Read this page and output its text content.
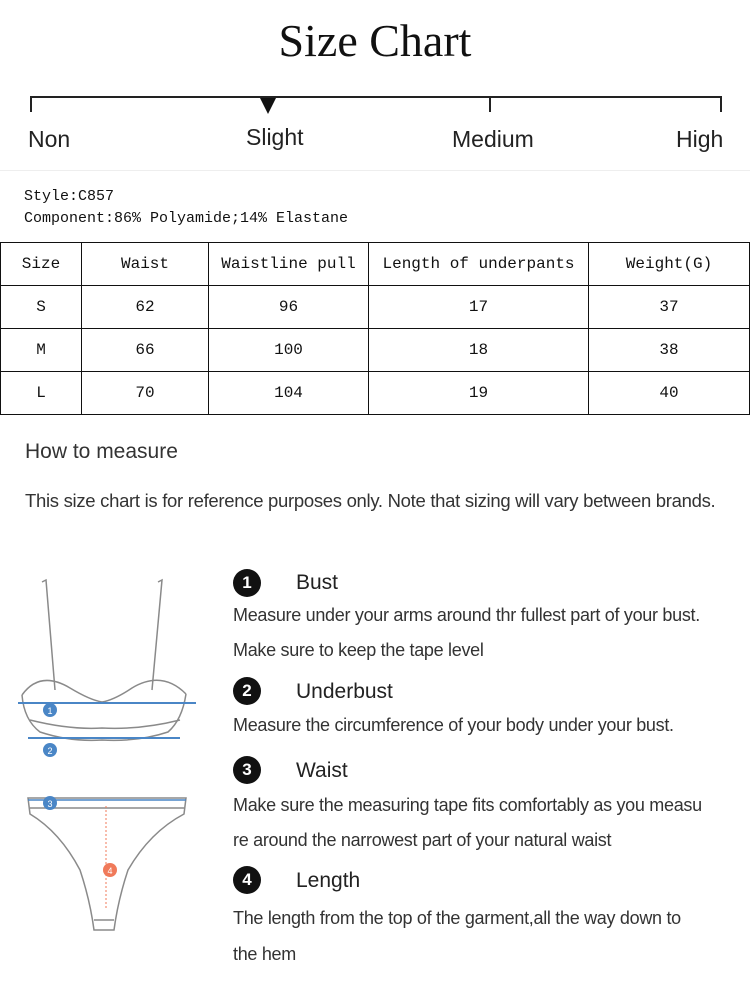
Size Chart
Non	Slight	Medium	High
Style:C857
Component:86% Polyamide;14% Elastane
Size	Waist	Waistline pull	Length of underpants	Weight(G)
S	62	96	17	37
M	66	100	18	38
L	70	104	19	40
How to measure
This size chart is for reference purposes only. Note that sizing will vary between brands.
1
2
3
4
1	Bust
Measure under your arms around thr fullest part of your bust.
Make sure to keep the tape level
2	Underbust
Measure the circumference of your body under your bust.
3	Waist
Make sure the measuring tape fits comfortably as you measu
re around the narrowest part of your natural waist
4	Length
The length from the top of the garment,all the way down to
the hem
